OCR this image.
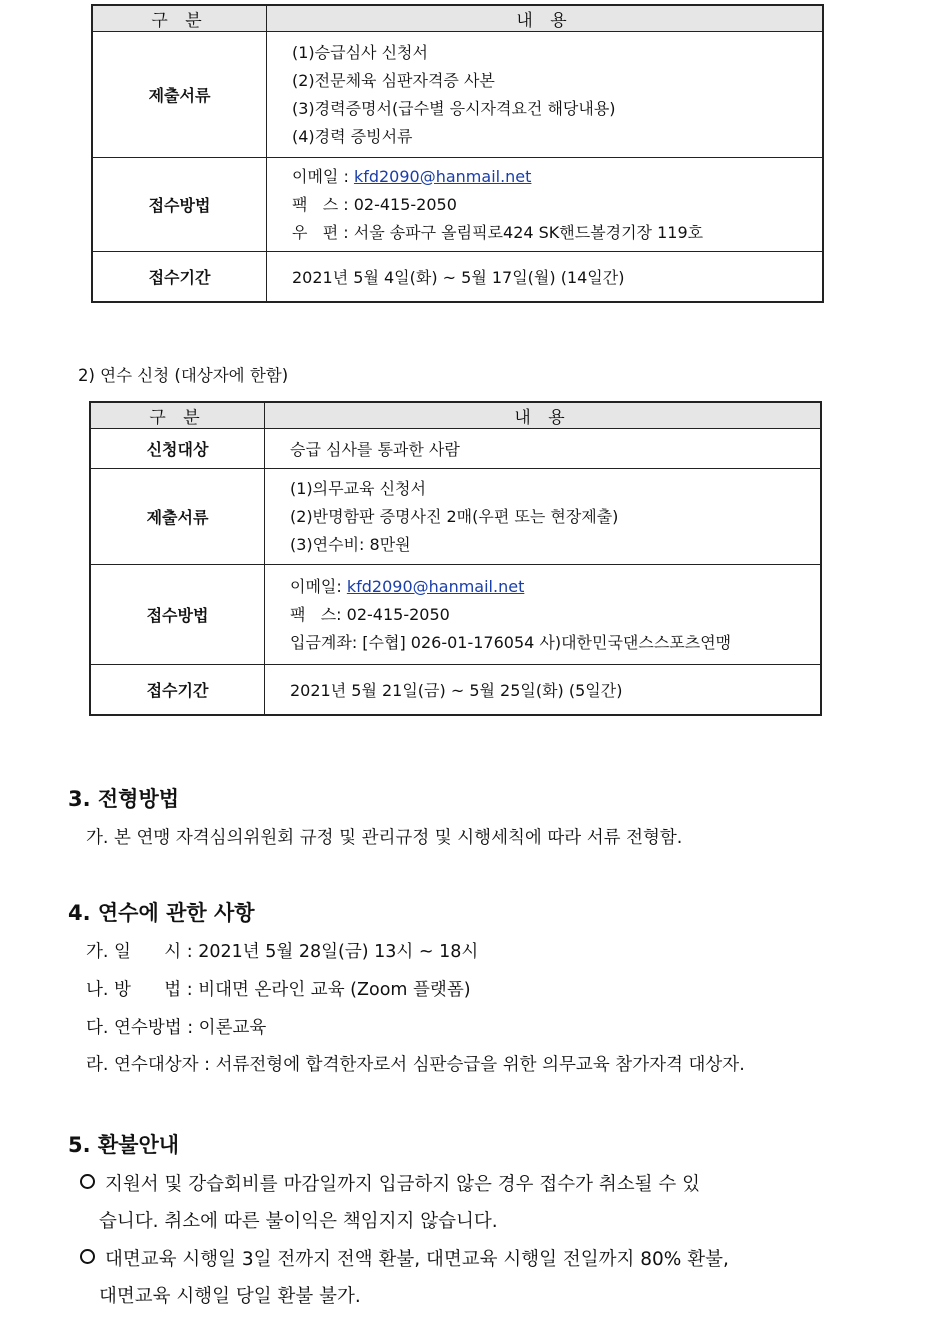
구 분	내 용
제출서류	(1)승급심사 신청서
(2)전문체육 심판자격증 사본
(3)경력증명서(급수별 응시자격요건 해당내용)
(4)경력 증빙서류

접수방법	이메일 : kfd2090@hanmail.net
팩   스 : 02-415-2050
우   편 : 서울 송파구 올림픽로424 SK핸드볼경기장 119호

접수기간	2021년 5월 4일(화) ~ 5월 17일(월) (14일간)
2) 연수 신청 (대상자에 한함)
구 분	내 용
신청대상	승급 심사를 통과한 사람
제출서류	(1)의무교육 신청서
(2)반명함판 증명사진 2매(우편 또는 현장제출)
(3)연수비: 8만원

접수방법	이메일: kfd2090@hanmail.net
팩   스: 02-415-2050
입금계좌: [수협] 026-01-176054 사)대한민국댄스스포츠연맹

접수기간	2021년 5월 21일(금) ~ 5월 25일(화) (5일간)
3. 전형방법
가. 본 연맹 자격심의위원회 규정 및 관리규정 및 시행세칙에 따라 서류 전형함.
4. 연수에 관한 사항
가. 일      시 : 2021년 5월 28일(금) 13시 ~ 18시
나. 방      법 : 비대면 온라인 교육 (Zoom 플랫폼)
다. 연수방법 : 이론교육
라. 연수대상자 : 서류전형에 합격한자로서 심판승급을 위한 의무교육 참가자격 대상자.
5. 환불안내
지원서 및 강습회비를 마감일까지 입금하지 않은 경우 접수가 취소될 수 있
습니다. 취소에 따른 불이익은 책임지지 않습니다.
대면교육 시행일 3일 전까지 전액 환불, 대면교육 시행일 전일까지 80% 환불,
대면교육 시행일 당일 환불 불가.
